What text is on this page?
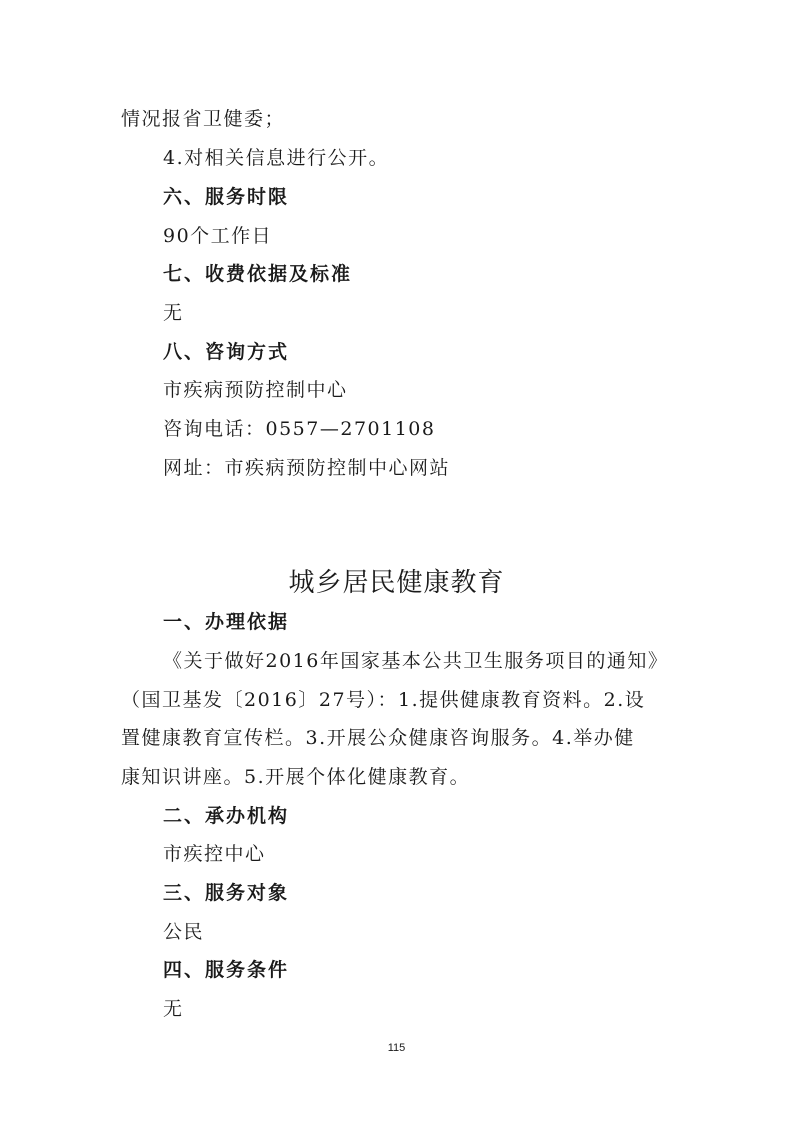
情况报省卫健委；
4.对相关信息进行公开。
六、服务时限
90个工作日
七、收费依据及标准
无
八、咨询方式
市疾病预防控制中心
咨询电话：0557—2701108
网址：市疾病预防控制中心网站
城乡居民健康教育
一、办理依据
《关于做好2016年国家基本公共卫生服务项目的通知》
（国卫基发〔2016〕27号）：1.提供健康教育资料。2.设
置健康教育宣传栏。3.开展公众健康咨询服务。4.举办健
康知识讲座。5.开展个体化健康教育。
二、承办机构
市疾控中心
三、服务对象
公民
四、服务条件
无
115
